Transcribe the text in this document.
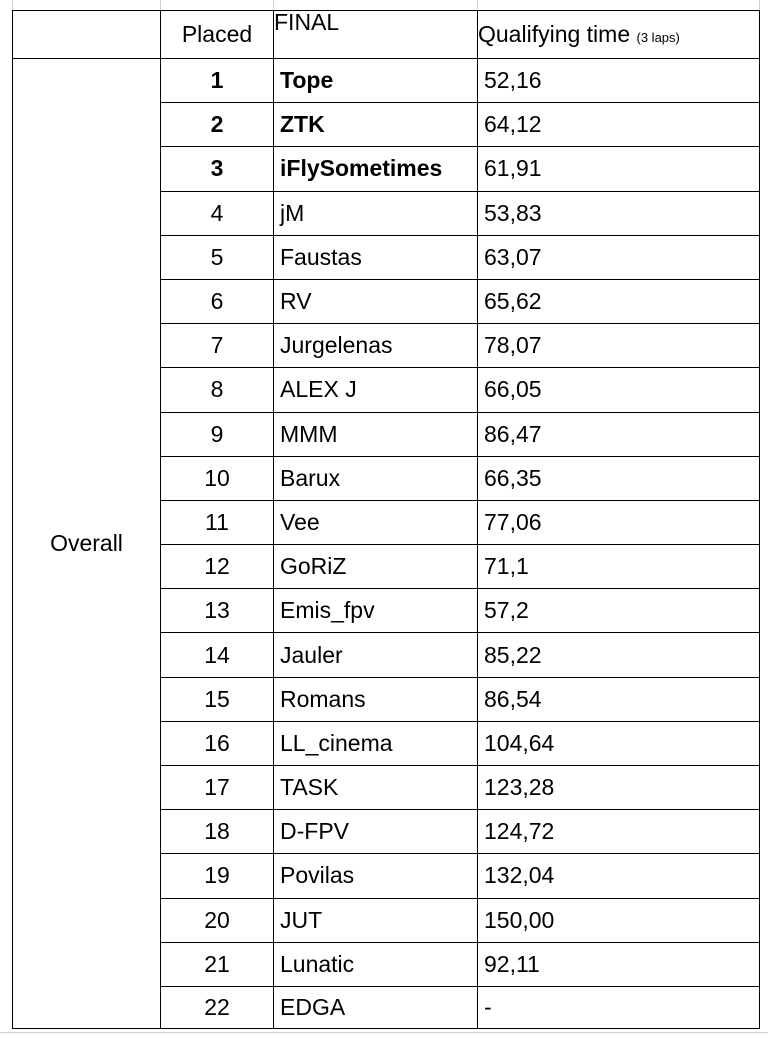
	Placed	FINAL	Qualifying time (3 laps)
Overall	1	Tope	52,16
	2	ZTK	64,12
	3	iFlySometimes	61,91
	4	jM	53,83
	5	Faustas	63,07
	6	RV	65,62
	7	Jurgelenas	78,07
	8	ALEX J	66,05
	9	MMM	86,47
	10	Barux	66,35
	11	Vee	77,06
	12	GoRiZ	71,1
	13	Emis_fpv	57,2
	14	Jauler	85,22
	15	Romans	86,54
	16	LL_cinema	104,64
	17	TASK	123,28
	18	D-FPV	124,72
	19	Povilas	132,04
	20	JUT	150,00
	21	Lunatic	92,11
	22	EDGA	-
